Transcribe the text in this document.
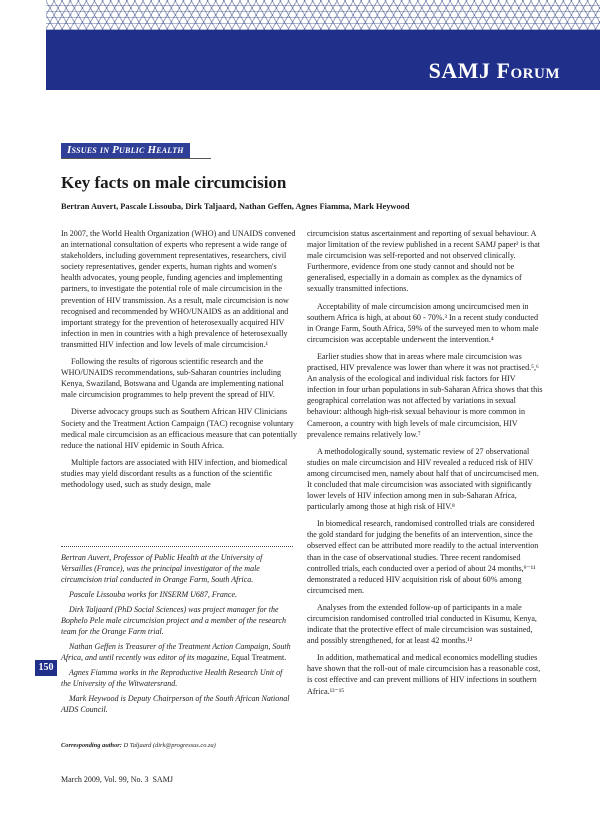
SAMJ Forum
Issues in Public Health
Key facts on male circumcision
Bertran Auvert, Pascale Lissouba, Dirk Taljaard, Nathan Geffen, Agnes Fiamma, Mark Heywood

In 2007, the World Health Organization (WHO) and UNAIDS convened an international consultation of experts who represent a wide range of stakeholders, including government representatives, researchers, civil society representatives, gender experts, human rights and women's health advocates, young people, funding agencies and implementing partners, to investigate the potential role of male circumcision in the prevention of HIV transmission. As a result, male circumcision is now recognised and recommended by WHO/UNAIDS as an additional and important strategy for the prevention of heterosexually acquired HIV infection in men in countries with a high prevalence of heterosexually transmitted HIV infection and low levels of male circumcision.¹

Following the results of rigorous scientific research and the WHO/UNAIDS recommendations, sub-Saharan countries including Kenya, Swaziland, Botswana and Uganda are implementing national male circumcision programmes to help prevent the spread of HIV.

Diverse advocacy groups such as Southern African HIV Clinicians Society and the Treatment Action Campaign (TAC) recognise voluntary medical male circumcision as an efficacious measure that can potentially reduce the national HIV epidemic in South Africa.

Multiple factors are associated with HIV infection, and biomedical studies may yield discordant results as a function of the scientific methodology used, such as study design, male

circumcision status ascertainment and reporting of sexual behaviour. A major limitation of the review published in a recent SAMJ paper² is that male circumcision was self-reported and not observed clinically. Furthermore, evidence from one study cannot and should not be generalised, especially in a domain as complex as the dynamics of sexually transmitted infections.

Acceptability of male circumcision among uncircumcised men in southern Africa is high, at about 60 - 70%.³ In a recent study conducted in Orange Farm, South Africa, 59% of the surveyed men to whom male circumcision was acceptable underwent the intervention.⁴

Earlier studies show that in areas where male circumcision was practised, HIV prevalence was lower than where it was not practised.⁵,⁶ An analysis of the ecological and individual risk factors for HIV infection in four urban populations in sub-Saharan Africa shows that this geographical correlation was not affected by variations in sexual behaviour: although high-risk sexual behaviour is more common in Cameroon, a country with high levels of male circumcision, HIV prevalence remains relatively low.⁷

A methodologically sound, systematic review of 27 observational studies on male circumcision and HIV revealed a reduced risk of HIV among circumcised men, namely about half that of uncircumcised men. It concluded that male circumcision was associated with significantly lower levels of HIV infection among men in sub-Saharan Africa, particularly among those at high risk of HIV.⁸

In biomedical research, randomised controlled trials are considered the gold standard for judging the benefits of an intervention, since the observed effect can be attributed more readily to the actual intervention than in the case of observational studies. Three recent randomised controlled trials, each conducted over a period of about 24 months,⁹⁻¹¹ demonstrated a reduced HIV acquisition risk of about 60% among circumcised men.

Analyses from the extended follow-up of participants in a male circumcision randomised controlled trial conducted in Kisumu, Kenya, indicate that the protective effect of male circumcision was sustained, and possibly strengthened, for at least 42 months.¹²

In addition, mathematical and medical economics modelling studies have shown that the roll-out of male circumcision has a reasonable cost, is cost effective and can prevent millions of HIV infections in southern Africa.¹³⁻¹⁵

Bertran Auvert, Professor of Public Health at the University of Versailles (France), was the principal investigator of the male circumcision trial conducted in Orange Farm, South Africa.

Pascale Lissouba works for INSERM U687, France.

Dirk Taljaard (PhD Social Sciences) was project manager for the Bophelo Pele male circumcision project and a member of the research team for the Orange Farm trial.

Nathan Geffen is Treasurer of the Treatment Action Campaign, South Africa, and until recently was editor of its magazine, Equal Treatment.

Agnes Fiamma works in the Reproductive Health Research Unit of the University of the Witwatersrand.

Mark Heywood is Deputy Chairperson of the South African National AIDS Council.

150
Corresponding author: D Taljaard (dirk@progressus.co.za)
March 2009, Vol. 99, No. 3 SAMJ
